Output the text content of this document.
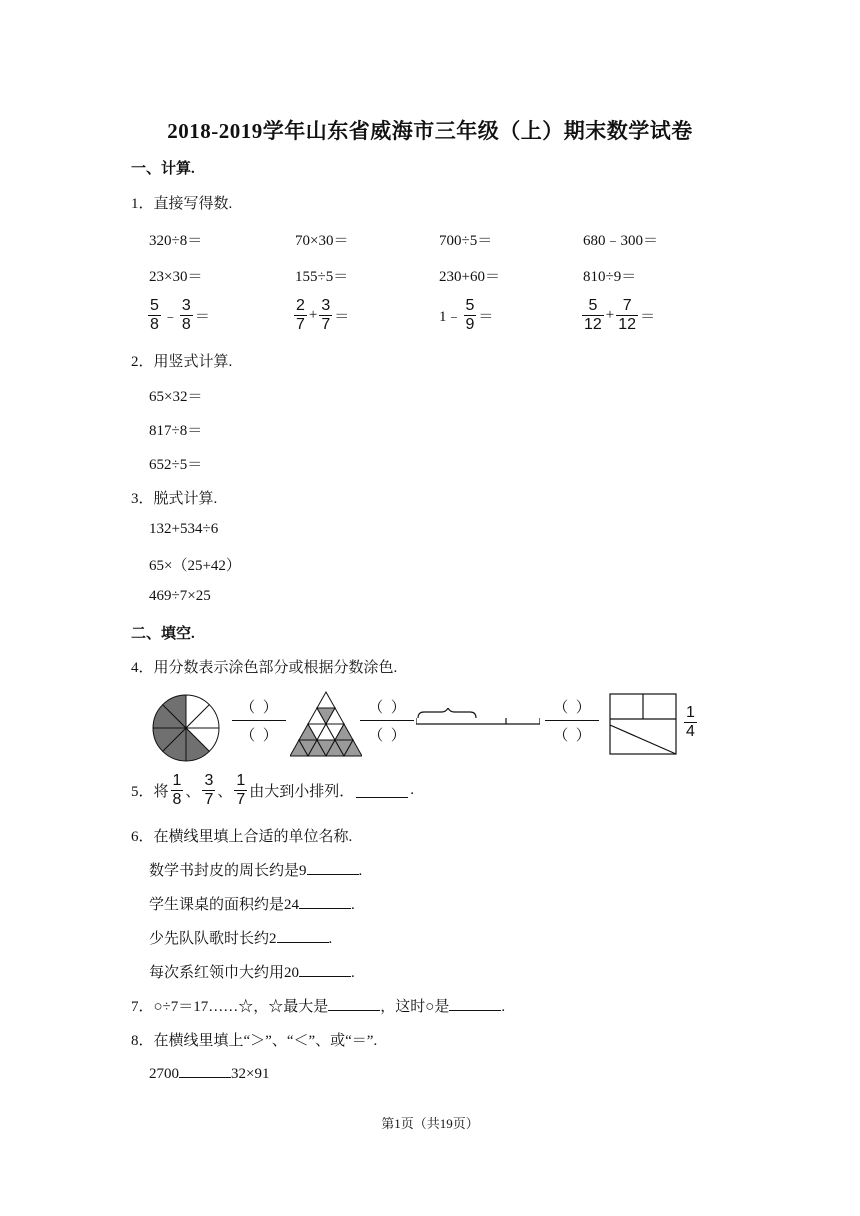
2018-2019学年山东省威海市三年级（上）期末数学试卷
一、计算.
1．直接写得数.
320÷8＝	70×30＝	700÷5＝	680﹣300＝
23×30＝	155÷5＝	230+60＝	810÷9＝
$\frac{5}{8}$ ﹣ $\frac{3}{8}$ ＝	$\frac{2}{7} + \frac{3}{7}$ ＝	1﹣ $\frac{5}{9}$ ＝	$\frac{5}{12} + \frac{7}{12}$ ＝
2．用竖式计算.
65×32＝
817÷8＝
652÷5＝
3．脱式计算.
132+534÷6
65×（25+42）
469÷7×25
二、填空.
4．用分数表示涂色部分或根据分数涂色.
（ ）
（ ）
（ ）
（ ）
（ ）
（ ）	$\frac{1}{4}$
5．将 $\frac{1}{8}$ 、 $\frac{3}{7}$ 、 $\frac{1}{7}$ 由大到小排列．	.
6．在横线里填上合适的单位名称.
数学书封皮的周长约是9	.
学生课桌的面积约是24	.
少先队队歌时长约2	.
每次系红领巾大约用20	.
7．○÷7＝17……☆，☆最大是	，这时○是	.
8．在横线里填上“＞”、“＜”、或“＝”.
2700	32×91
第1页（共19页）
